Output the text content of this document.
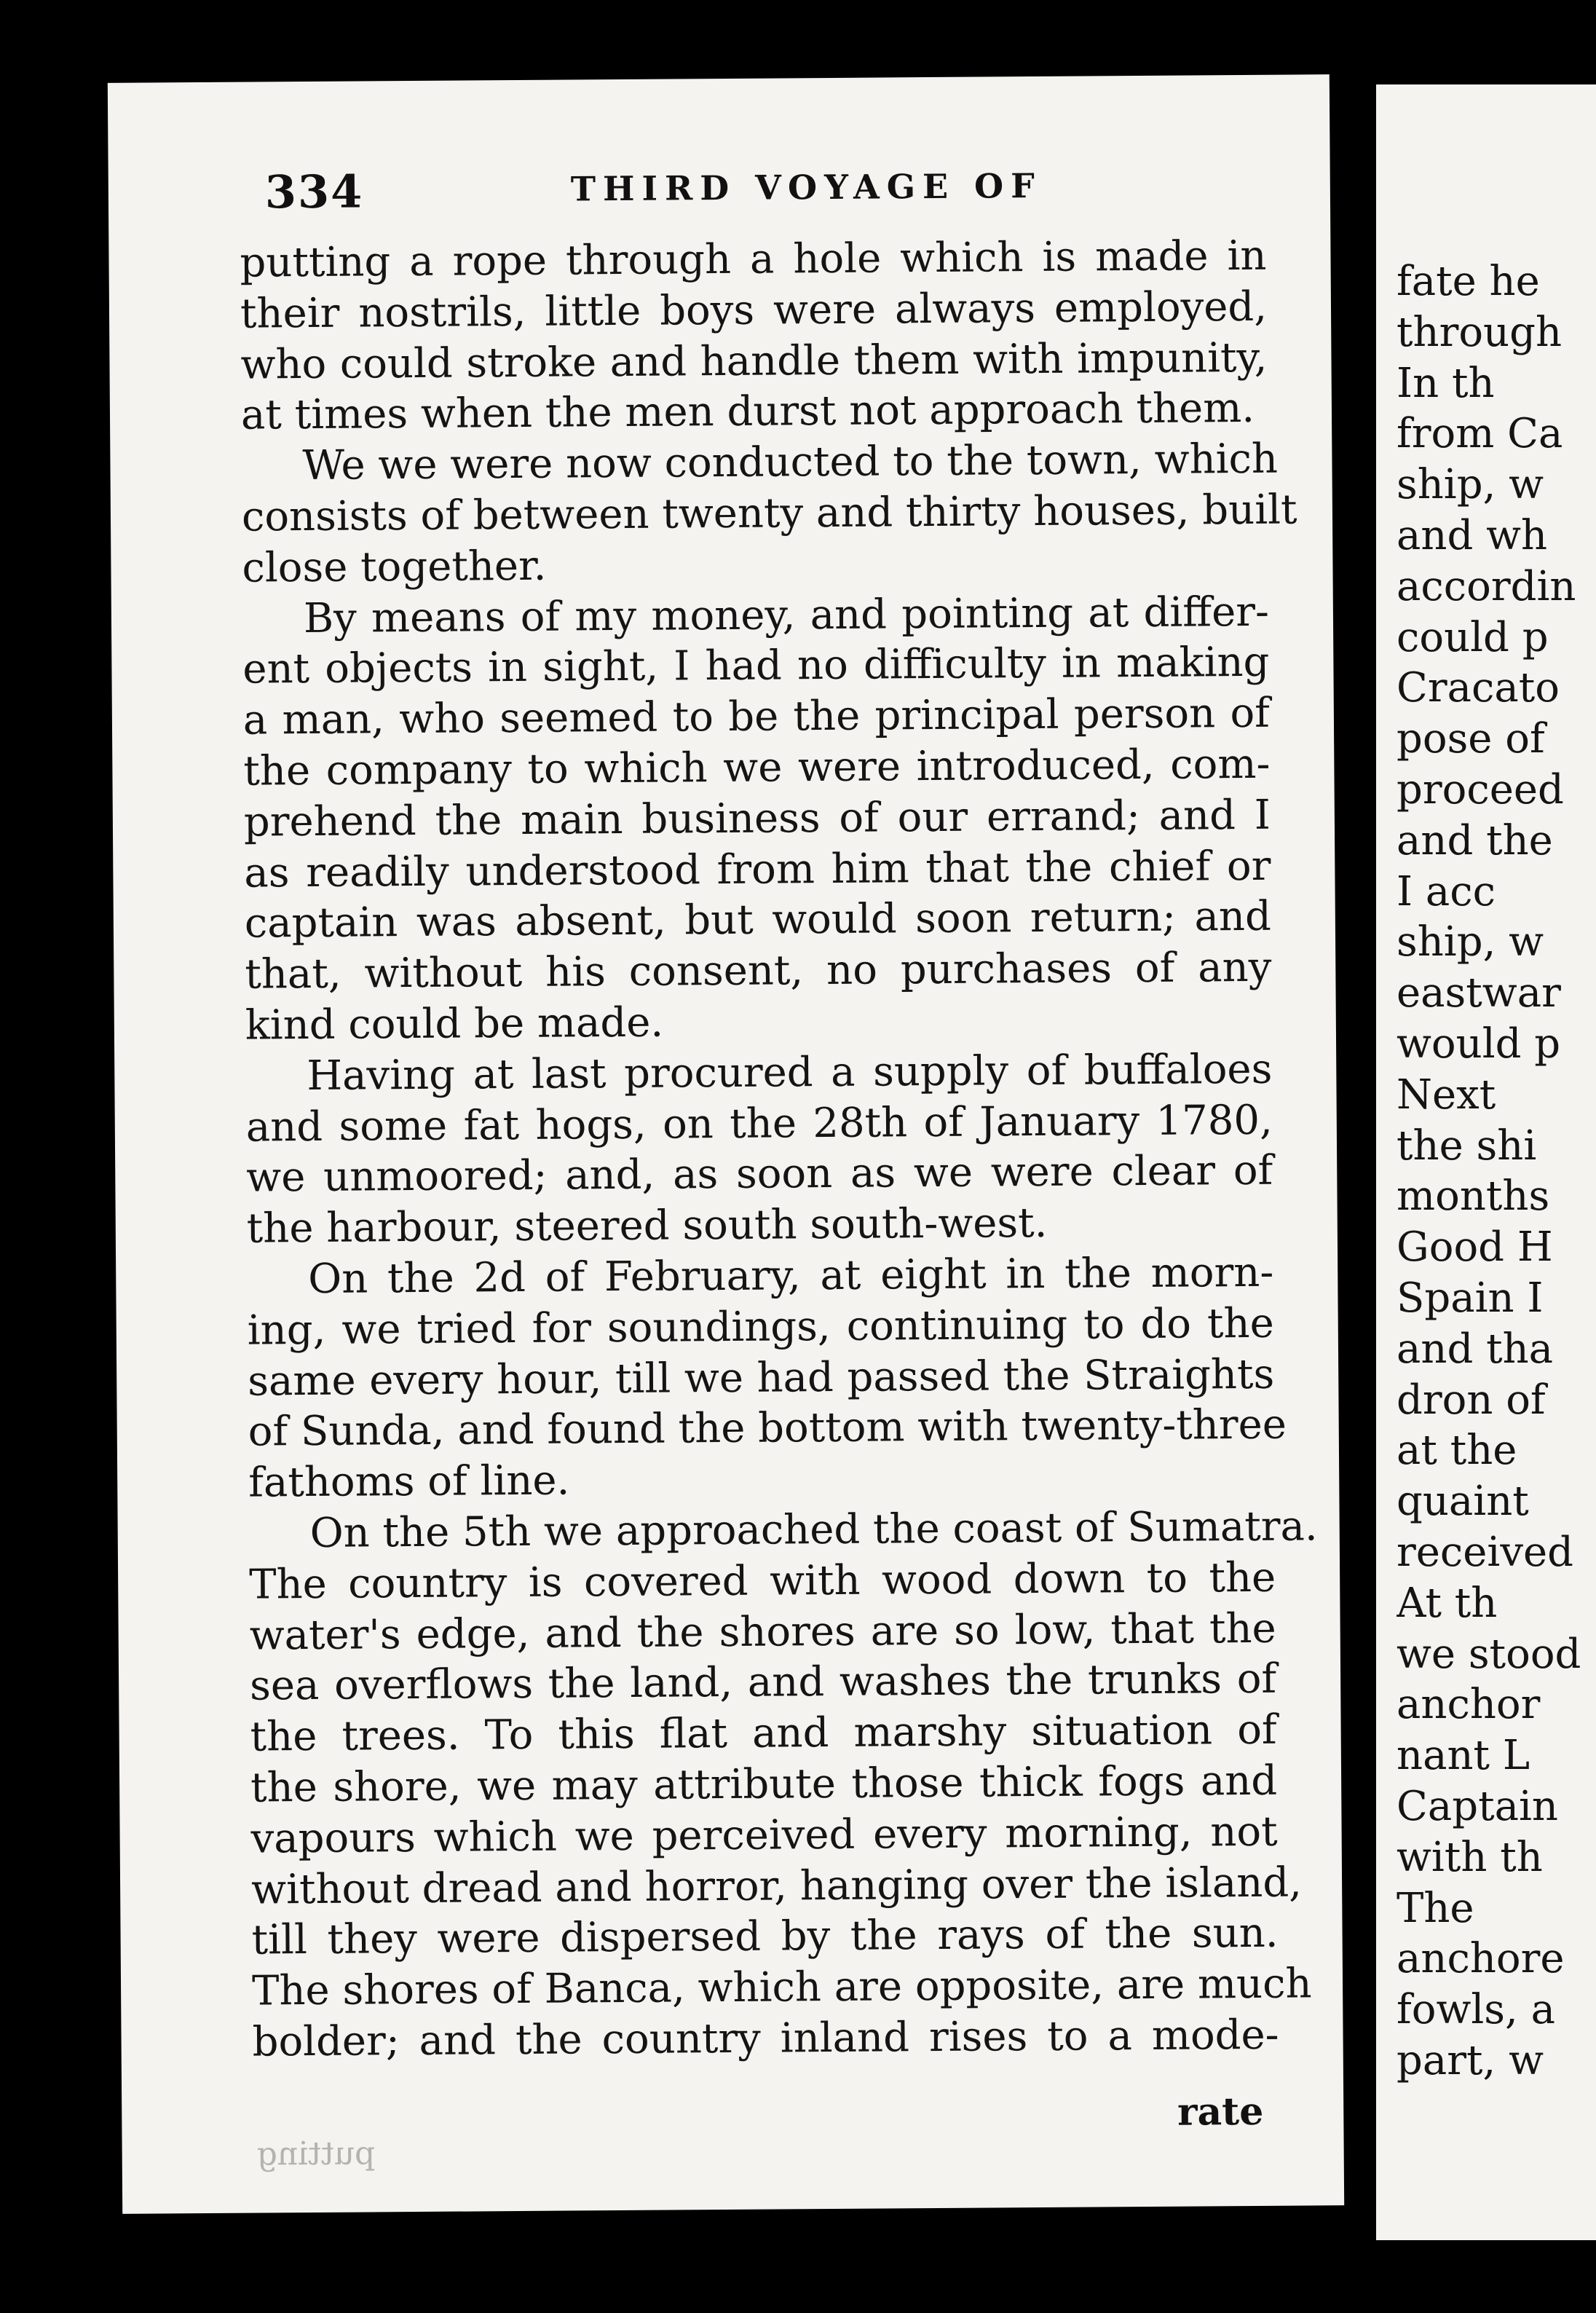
334	THIRD VOYAGE OF
putting a rope through a hole which is made in
their nostrils, little boys were always employed,
who could stroke and handle them with impunity,
at times when the men durst not approach them.
  We we were now conducted to the town, which
consists of between twenty and thirty houses, built
close together.
  By means of my money, and pointing at differ-
ent objects in sight, I had no difficulty in making
a man, who seemed to be the principal person of
the company to which we were introduced, com-
prehend the main business of our errand; and I
as readily understood from him that the chief or
captain was absent, but would soon return; and
that, without his consent, no purchases of any
kind could be made.
  Having at last procured a supply of buffaloes
and some fat hogs, on the 28th of January 1780,
we unmoored; and, as soon as we were clear of
the harbour, steered south south-west.
  On the 2d of February, at eight in the morn-
ing, we tried for soundings, continuing to do the
same every hour, till we had passed the Straights
of Sunda, and found the bottom with twenty-three
fathoms of line.
  On the 5th we approached the coast of Sumatra.
The country is covered with wood down to the
water's edge, and the shores are so low, that the
sea overflows the land, and washes the trunks of
the trees. To this flat and marshy situation of
the shore, we may attribute those thick fogs and
vapours which we perceived every morning, not
without dread and horror, hanging over the island,
till they were dispersed by the rays of the sun.
The shores of Banca, which are opposite, are much
bolder; and the country inland rises to a mode-
rate
putting
fate he
through
In th
from Ca
ship, w
and wh
accordin
could p
Cracato
pose of
proceed
and the
I acc
ship, w
eastwar
would p
Next
the shi
months
Good H
Spain I
and tha
dron of
at the
quaint
received
At th
we stood
anchor
nant L
Captain
with th
The
anchore
fowls, a
part, w
